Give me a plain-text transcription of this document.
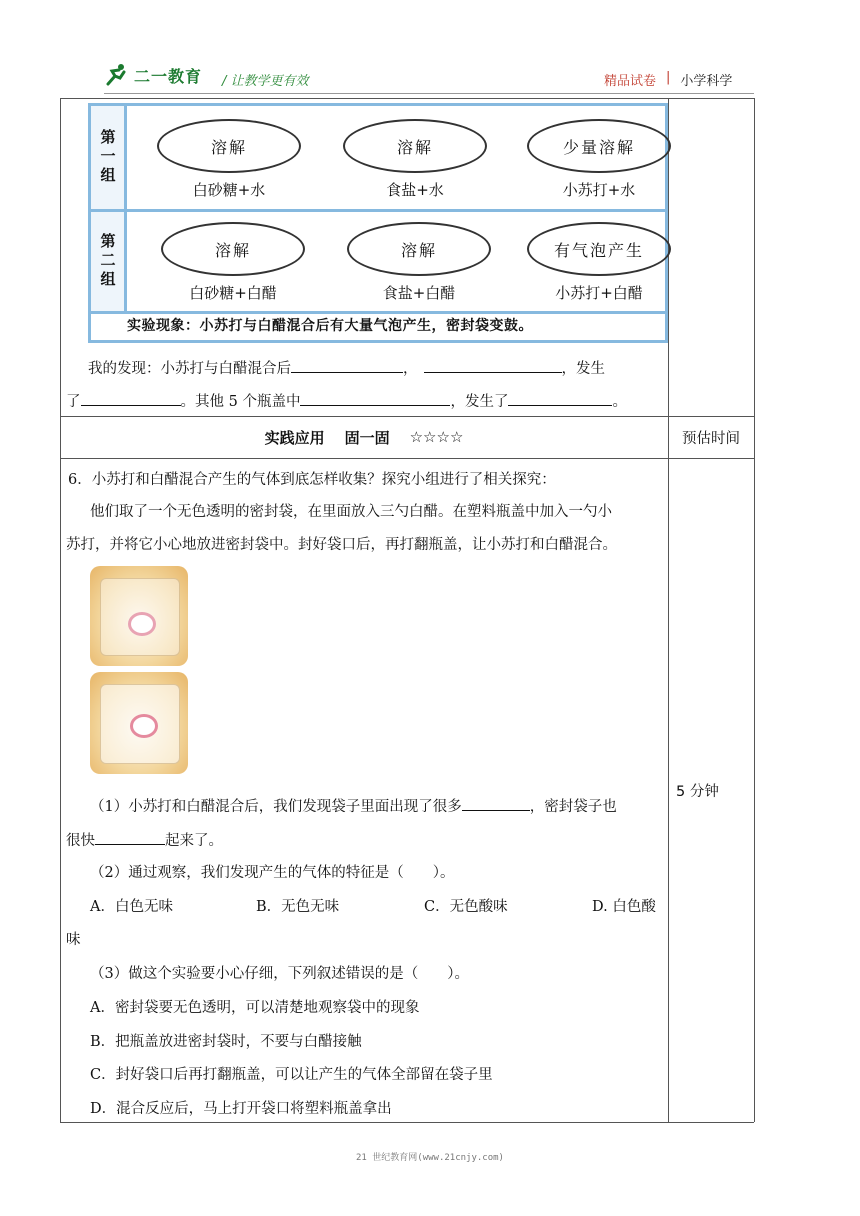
二一教育 / 让教学更有效	精品试卷 | 小学科学
第一组
第二组
溶解	溶解	少量溶解
白砂糖+水	食盐+水	小苏打+水
溶解	溶解	有气泡产生
白砂糖+白醋	食盐+白醋	小苏打+白醋
实验现象：小苏打与白醋混合后有大量气泡产生，密封袋变鼓。
我的发现：小苏打与白醋混合后	，	，发生
了	。其他 5 个瓶盖中	，发生了	。
实践应用 固一固 ☆☆☆☆	预估时间
6．小苏打和白醋混合产生的气体到底怎样收集？探究小组进行了相关探究：
他们取了一个无色透明的密封袋，在里面放入三勺白醋。在塑料瓶盖中加入一勺小
苏打，并将它小心地放进密封袋中。封好袋口后，再打翻瓶盖，让小苏打和白醋混合。
（1）小苏打和白醋混合后，我们发现袋子里面出现了很多	，密封袋子也
很快	起来了。
（2）通过观察，我们发现产生的气体的特征是（　　）。
A．白色无味	B．无色无味	C．无色酸味	D. 白色酸
味
（3）做这个实验要小心仔细，下列叙述错误的是（　　）。
A．密封袋要无色透明，可以清楚地观察袋中的现象
B．把瓶盖放进密封袋时，不要与白醋接触
C．封好袋口后再打翻瓶盖，可以让产生的气体全部留在袋子里
D．混合反应后，马上打开袋口将塑料瓶盖拿出
5 分钟
21 世纪教育网(www.21cnjy.com)
